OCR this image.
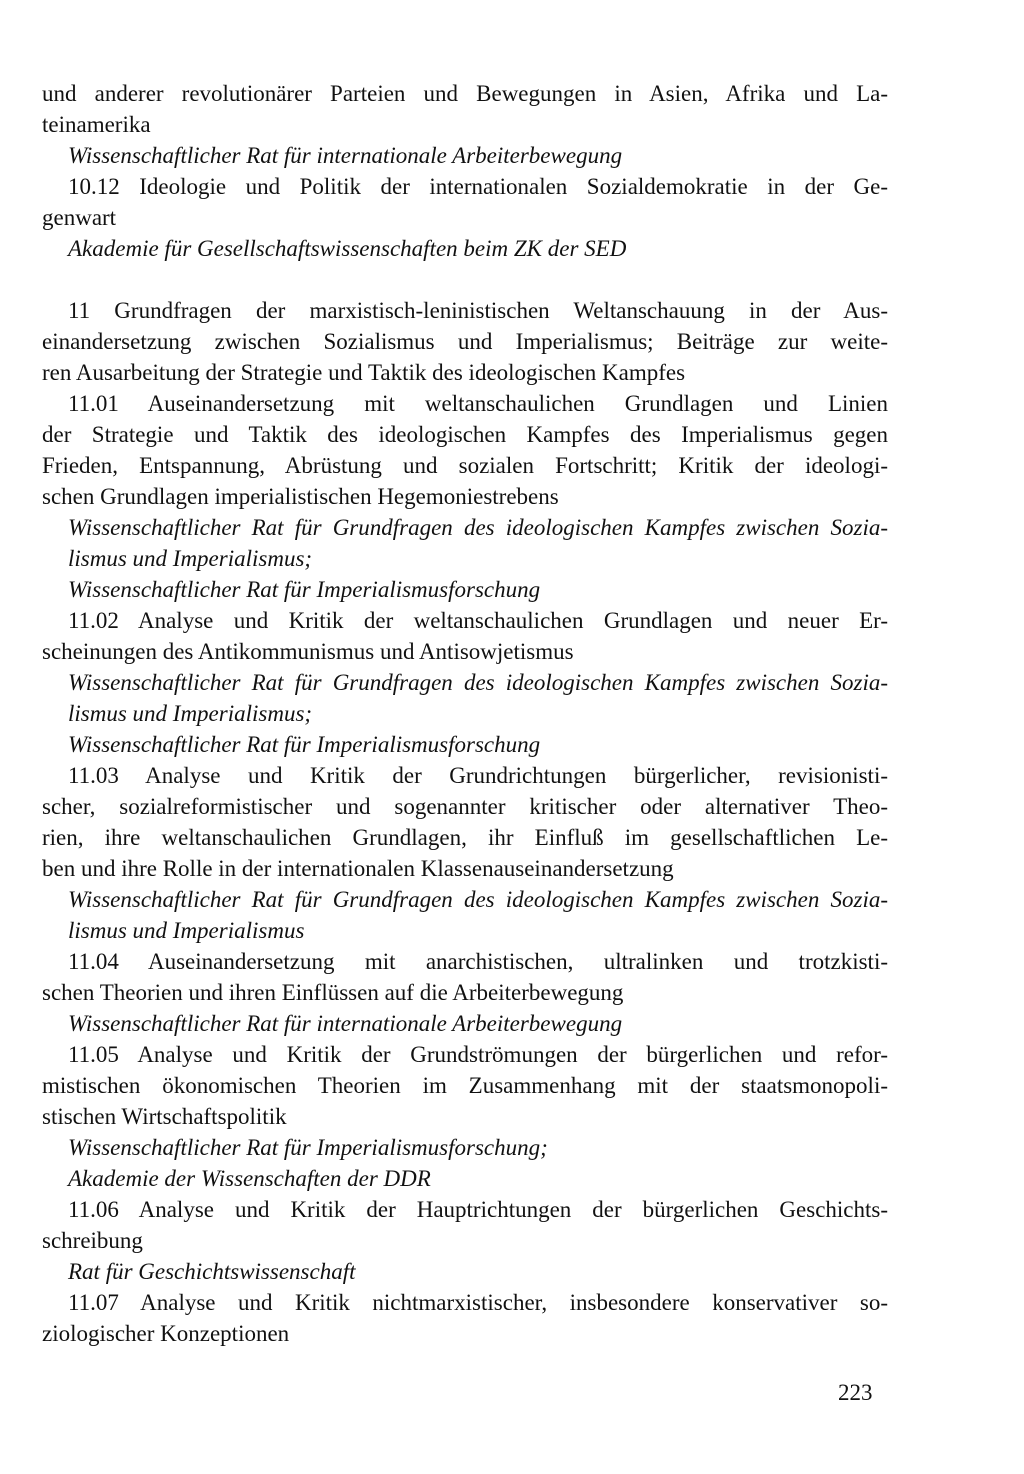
und anderer revolutionärer Parteien und Bewegungen in Asien, Afrika und La-
teinamerika
Wissenschaftlicher Rat für internationale Arbeiterbewegung
10.12 Ideologie und Politik der internationalen Sozialdemokratie in der Ge-
genwart
Akademie für Gesellschaftswissenschaften beim ZK der SED
11 Grundfragen der marxistisch-leninistischen Weltanschauung in der Aus-
einandersetzung zwischen Sozialismus und Imperialismus; Beiträge zur weite-
ren Ausarbeitung der Strategie und Taktik des ideologischen Kampfes
11.01 Auseinandersetzung mit weltanschaulichen Grundlagen und Linien
der Strategie und Taktik des ideologischen Kampfes des Imperialismus gegen
Frieden, Entspannung, Abrüstung und sozialen Fortschritt; Kritik der ideologi-
schen Grundlagen imperialistischen Hegemoniestrebens
Wissenschaftlicher Rat für Grundfragen des ideologischen Kampfes zwischen Sozia-
lismus und Imperialismus;
Wissenschaftlicher Rat für Imperialismusforschung
11.02 Analyse und Kritik der weltanschaulichen Grundlagen und neuer Er-
scheinungen des Antikommunismus und Antisowjetismus
Wissenschaftlicher Rat für Grundfragen des ideologischen Kampfes zwischen Sozia-
lismus und Imperialismus;
Wissenschaftlicher Rat für Imperialismusforschung
11.03 Analyse und Kritik der Grundrichtungen bürgerlicher, revisionisti-
scher, sozialreformistischer und sogenannter kritischer oder alternativer Theo-
rien, ihre weltanschaulichen Grundlagen, ihr Einfluß im gesellschaftlichen Le-
ben und ihre Rolle in der internationalen Klassenauseinandersetzung
Wissenschaftlicher Rat für Grundfragen des ideologischen Kampfes zwischen Sozia-
lismus und Imperialismus
11.04 Auseinandersetzung mit anarchistischen, ultralinken und trotzkisti-
schen Theorien und ihren Einflüssen auf die Arbeiterbewegung
Wissenschaftlicher Rat für internationale Arbeiterbewegung
11.05 Analyse und Kritik der Grundströmungen der bürgerlichen und refor-
mistischen ökonomischen Theorien im Zusammenhang mit der staatsmonopoli-
stischen Wirtschaftspolitik
Wissenschaftlicher Rat für Imperialismusforschung;
Akademie der Wissenschaften der DDR
11.06 Analyse und Kritik der Hauptrichtungen der bürgerlichen Geschichts-
schreibung
Rat für Geschichtswissenschaft
11.07 Analyse und Kritik nichtmarxistischer, insbesondere konservativer so-
ziologischer Konzeptionen
223
